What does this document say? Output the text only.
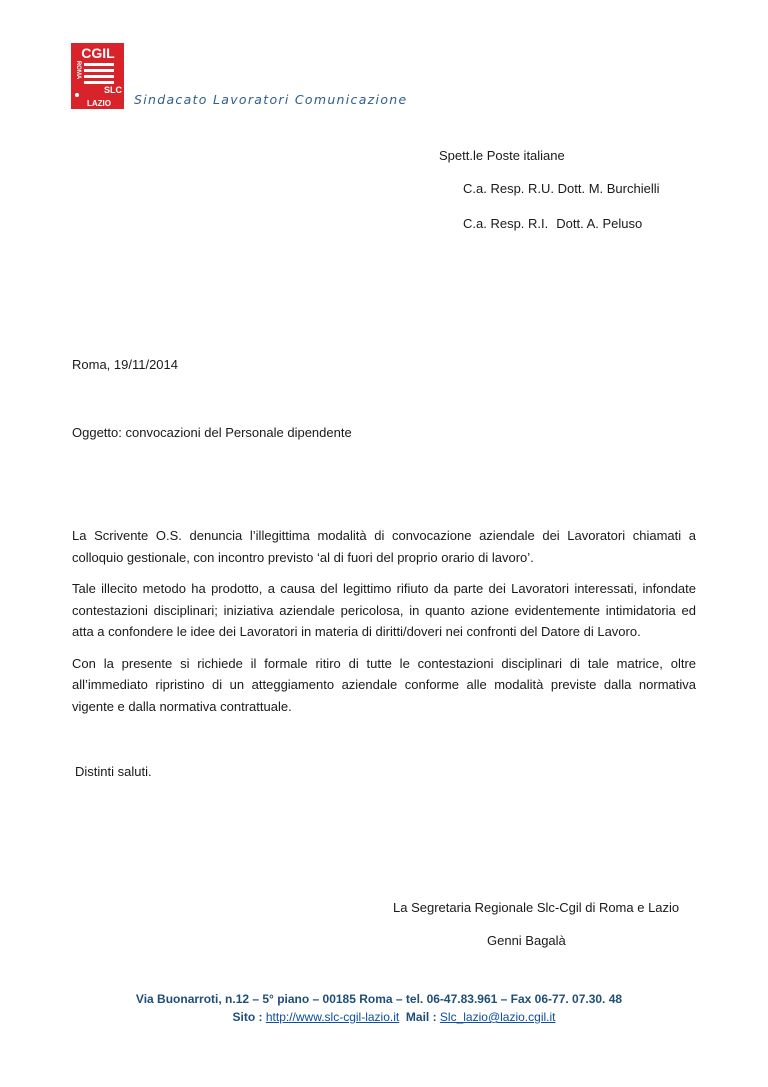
CGIL
ROMA
SLC
LAZIO Sindacato Lavoratori Comunicazione
Spett.le Poste italiane
C.a. Resp. R.U. Dott. M. Burchielli
C.a. Resp. R.I. Dott. A. Peluso
Roma, 19/11/2014
Oggetto: convocazioni del Personale dipendente

La Scrivente O.S. denuncia l’illegittima modalità di convocazione aziendale dei Lavoratori chiamati a colloquio gestionale, con incontro previsto ‘al di fuori del proprio orario di lavoro’.

Tale illecito metodo ha prodotto, a causa del legittimo rifiuto da parte dei Lavoratori interessati, infondate contestazioni disciplinari; iniziativa aziendale pericolosa, in quanto azione evidentemente intimidatoria ed atta a confondere le idee dei Lavoratori in materia di diritti/doveri nei confronti del Datore di Lavoro.

Con la presente si richiede il formale ritiro di tutte le contestazioni disciplinari di tale matrice, oltre all’immediato ripristino di un atteggiamento aziendale conforme alle modalità previste dalla normativa vigente e dalla normativa contrattuale.

Distinti saluti.
La Segretaria Regionale Slc-Cgil di Roma e Lazio
Genni Bagalà
Via Buonarroti, n.12 – 5° piano – 00185 Roma – tel. 06-47.83.961 – Fax 06-77. 07.30. 48
Sito : http://www.slc-cgil-lazio.it Mail : Slc_lazio@lazio.cgil.it
